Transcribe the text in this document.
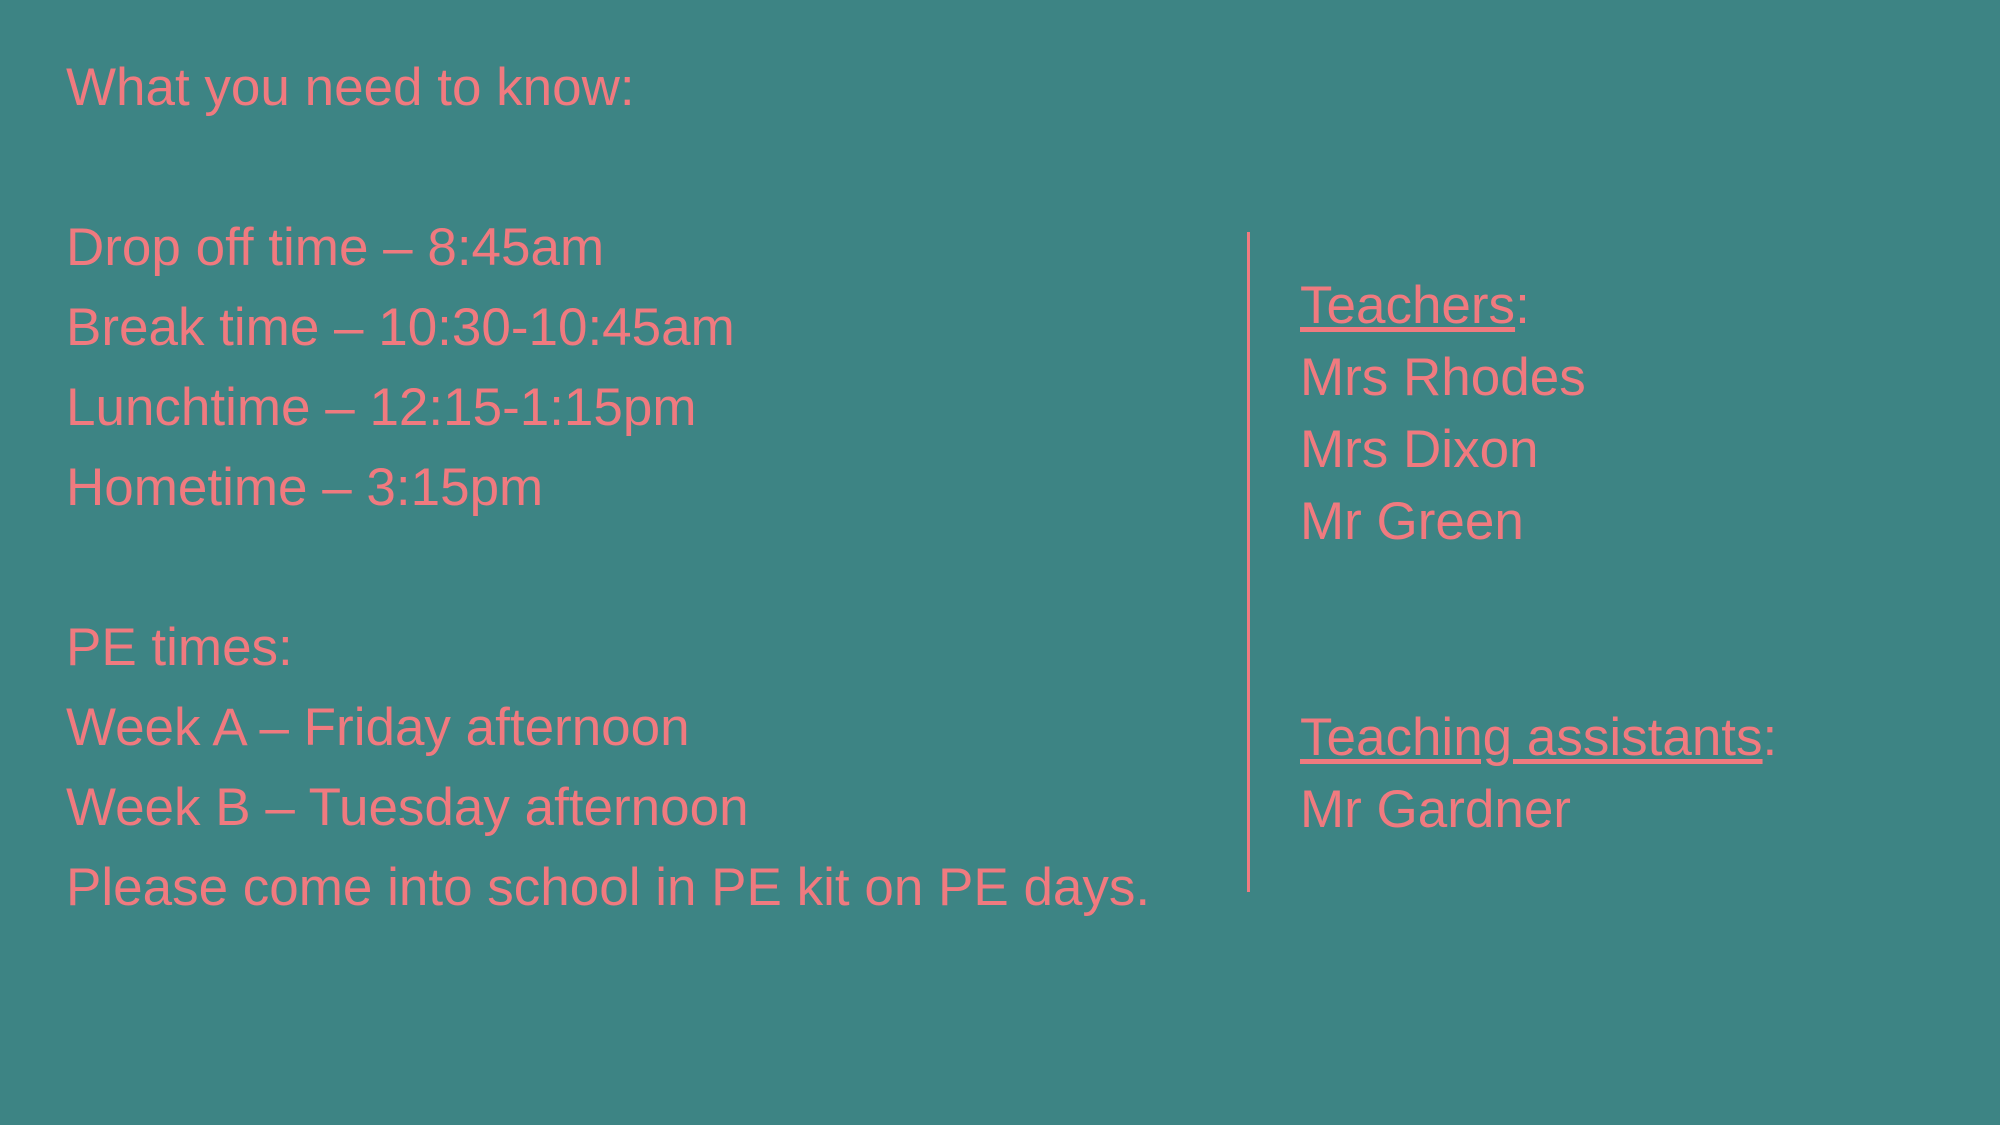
What you need to know:

Drop off time – 8:45am
Break time – 10:30-10:45am
Lunchtime – 12:15-1:15pm
Hometime – 3:15pm

PE times:
Week A – Friday afternoon
Week B – Tuesday afternoon
Please come into school in PE kit on PE days.
Teachers:
Mrs Rhodes
Mrs Dixon
Mr Green

Teaching assistants:
Mr Gardner
